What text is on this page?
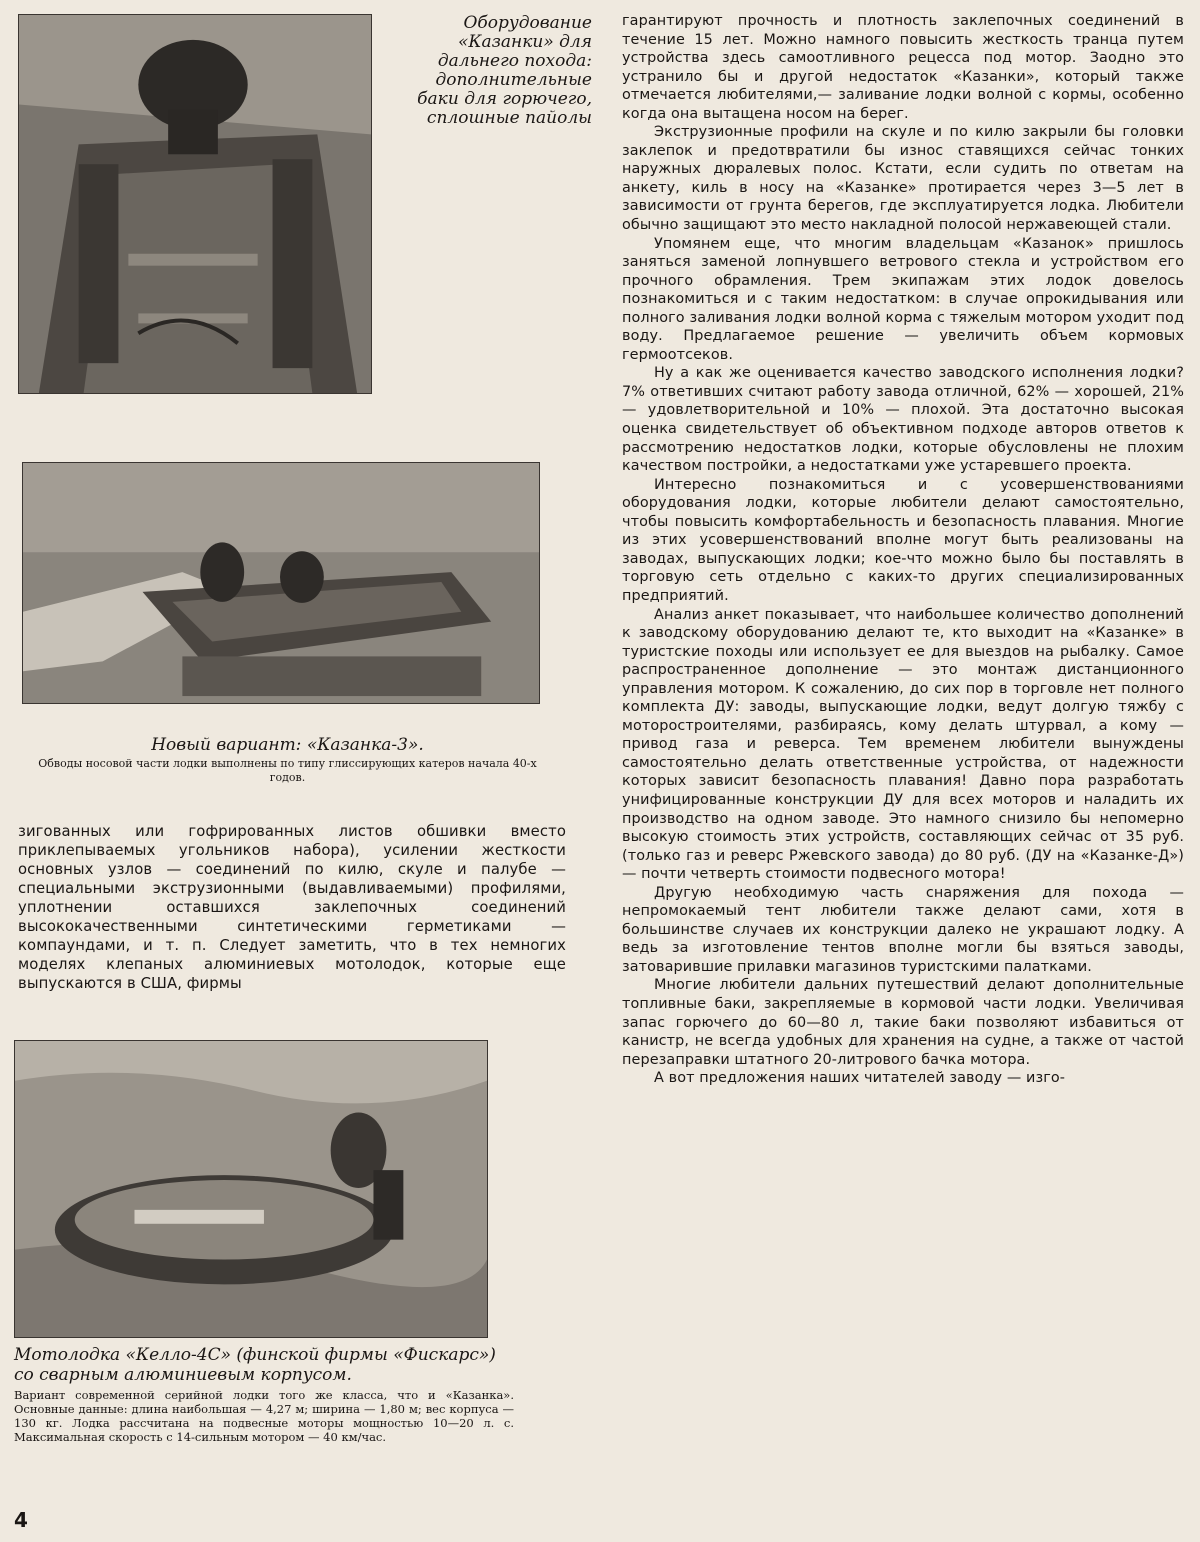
Оборудование «Казанки» для дальнего похода: дополнительные баки для горючего, сплошные пайолы
Новый вариант: «Казанка-3».
Обводы носовой части лодки выполнены по типу глиссирующих катеров начала 40-х годов.

зигованных или гофрированных листов обшивки вместо приклепываемых угольников набора), усилении жесткости основных узлов — соединений по килю, скуле и палубе — специальными экструзионными (выдавливаемыми) профилями, уплотнении оставшихся заклепочных соединений высококачественными синтетическими герметиками — компаундами, и т. п. Следует заметить, что в тех немногих моделях клепаных алюминиевых мотолодок, которые еще выпускаются в США, фирмы

Мотолодка «Келло-4С» (финской фирмы «Фискарс») со сварным алюминиевым корпусом.
Вариант современной серийной лодки того же класса, что и «Казанка». Основные данные: длина наибольшая — 4,27 м; ширина — 1,80 м; вес корпуса — 130 кг. Лодка рассчитана на подвесные моторы мощностью 10—20 л. с. Максимальная скорость с 14-сильным мотором — 40 км/час.

гарантируют прочность и плотность заклепочных соединений в течение 15 лет. Можно намного повысить жесткость транца путем устройства здесь самоотливного рецесса под мотор. Заодно это устранило бы и другой недостаток «Казанки», который также отмечается любителями,— заливание лодки волной с кормы, особенно когда она вытащена носом на берег.

Экструзионные профили на скуле и по килю закрыли бы головки заклепок и предотвратили бы износ ставящихся сейчас тонких наружных дюралевых полос. Кстати, если судить по ответам на анкету, киль в носу на «Казанке» протирается через 3—5 лет в зависимости от грунта берегов, где эксплуатируется лодка. Любители обычно защищают это место накладной полосой нержавеющей стали.

Упомянем еще, что многим владельцам «Казанок» пришлось заняться заменой лопнувшего ветрового стекла и устройством его прочного обрамления. Трем экипажам этих лодок довелось познакомиться и с таким недостатком: в случае опрокидывания или полного заливания лодки волной корма с тяжелым мотором уходит под воду. Предлагаемое решение — увеличить объем кормовых гермоотсеков.

Ну а как же оценивается качество заводского исполнения лодки? 7% ответивших считают работу завода отличной, 62% — хорошей, 21% — удовлетворительной и 10% — плохой. Эта достаточно высокая оценка свидетельствует об объективном подходе авторов ответов к рассмотрению недостатков лодки, которые обусловлены не плохим качеством постройки, а недостатками уже устаревшего проекта.

Интересно познакомиться и с усовершенствованиями оборудования лодки, которые любители делают самостоятельно, чтобы повысить комфортабельность и безопасность плавания. Многие из этих усовершенствований вполне могут быть реализованы на заводах, выпускающих лодки; кое-что можно было бы поставлять в торговую сеть отдельно с каких-то других специализированных предприятий.

Анализ анкет показывает, что наибольшее количество дополнений к заводскому оборудованию делают те, кто выходит на «Казанке» в туристские походы или использует ее для выездов на рыбалку. Самое распространенное дополнение — это монтаж дистанционного управления мотором. К сожалению, до сих пор в торговле нет полного комплекта ДУ: заводы, выпускающие лодки, ведут долгую тяжбу с моторостроителями, разбираясь, кому делать штурвал, а кому — привод газа и реверса. Тем временем любители вынуждены самостоятельно делать ответственные устройства, от надежности которых зависит безопасность плавания! Давно пора разработать унифицированные конструкции ДУ для всех моторов и наладить их производство на одном заводе. Это намного снизило бы непомерно высокую стоимость этих устройств, составляющих сейчас от 35 руб. (только газ и реверс Ржевского завода) до 80 руб. (ДУ на «Казанке-Д») — почти четверть стоимости подвесного мотора!

Другую необходимую часть снаряжения для похода — непромокаемый тент любители также делают сами, хотя в большинстве случаев их конструкции далеко не украшают лодку. А ведь за изготовление тентов вполне могли бы взяться заводы, затоварившие прилавки магазинов туристскими палатками.

Многие любители дальних путешествий делают дополнительные топливные баки, закрепляемые в кормовой части лодки. Увеличивая запас горючего до 60—80 л, такие баки позволяют избавиться от канистр, не всегда удобных для хранения на судне, а также от частой перезаправки штатного 20-литрового бачка мотора.

А вот предложения наших читателей заводу — изго-

4
